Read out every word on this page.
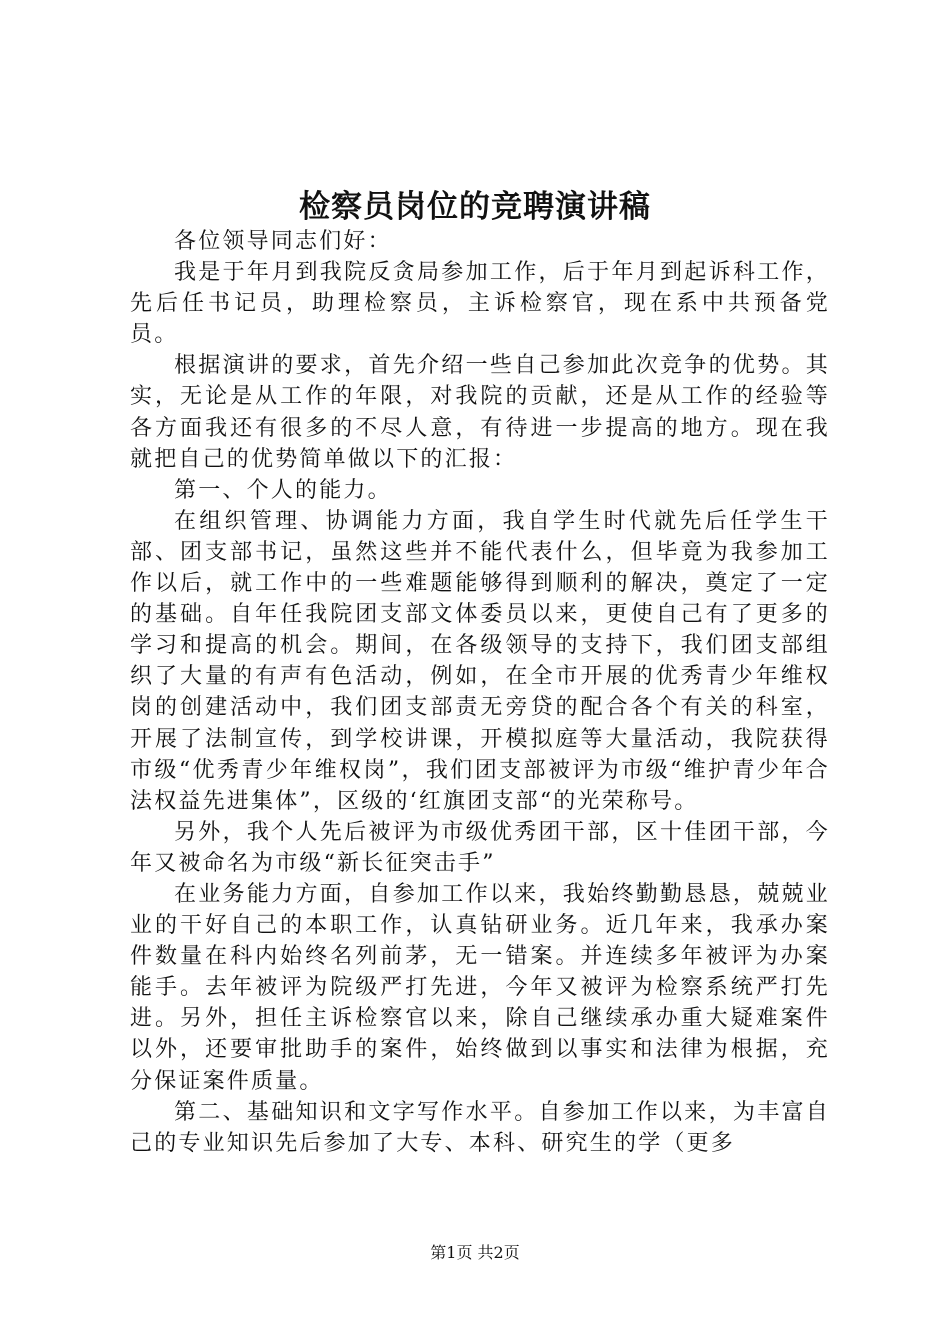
检察员岗位的竞聘演讲稿

各位领导同志们好：

我是于年月到我院反贪局参加工作，后于年月到起诉科工作，先后任书记员，助理检察员，主诉检察官，现在系中共预备党员。

根据演讲的要求，首先介绍一些自己参加此次竞争的优势。其实，无论是从工作的年限，对我院的贡献，还是从工作的经验等各方面我还有很多的不尽人意，有待进一步提高的地方。现在我就把自己的优势简单做以下的汇报：

第一、个人的能力。

在组织管理、协调能力方面，我自学生时代就先后任学生干部、团支部书记，虽然这些并不能代表什么，但毕竟为我参加工作以后，就工作中的一些难题能够得到顺利的解决，奠定了一定的基础。自年任我院团支部文体委员以来，更使自己有了更多的学习和提高的机会。期间，在各级领导的支持下，我们团支部组织了大量的有声有色活动，例如，在全市开展的优秀青少年维权岗的创建活动中，我们团支部责无旁贷的配合各个有关的科室，开展了法制宣传，到学校讲课，开模拟庭等大量活动，我院获得市级“优秀青少年维权岗”，我们团支部被评为市级“维护青少年合法权益先进集体”，区级的‘红旗团支部“的光荣称号。

另外，我个人先后被评为市级优秀团干部，区十佳团干部，今年又被命名为市级“新长征突击手”

在业务能力方面，自参加工作以来，我始终勤勤恳恳，兢兢业业的干好自己的本职工作，认真钻研业务。近几年来，我承办案件数量在科内始终名列前茅，无一错案。并连续多年被评为办案能手。去年被评为院级严打先进，今年又被评为检察系统严打先进。另外，担任主诉检察官以来，除自己继续承办重大疑难案件以外，还要审批助手的案件，始终做到以事实和法律为根据，充分保证案件质量。

第二、基础知识和文字写作水平。自参加工作以来，为丰富自己的专业知识先后参加了大专、本科、研究生的学（更多

第1页 共2页
